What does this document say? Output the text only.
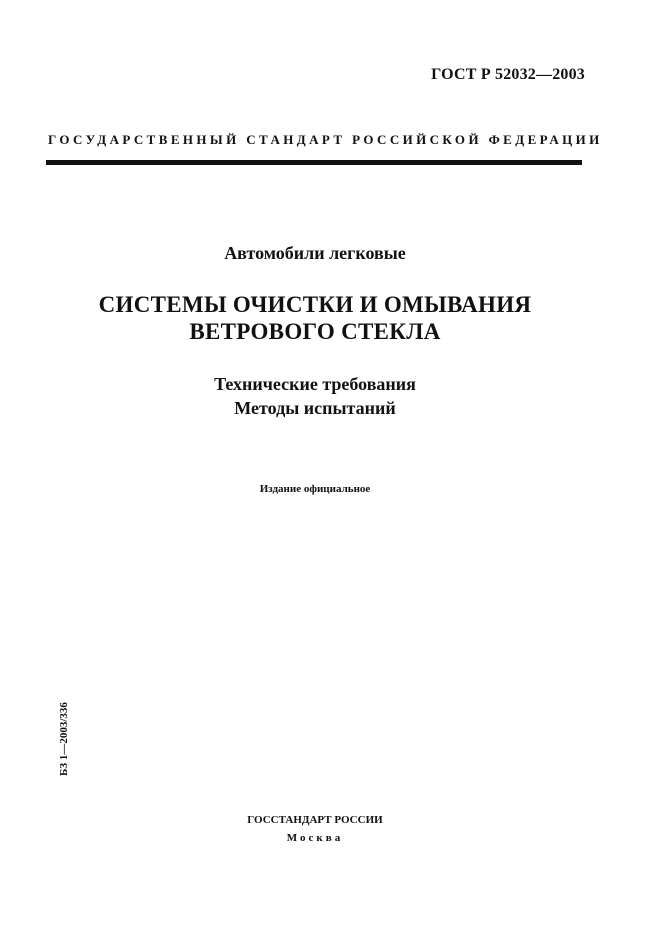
ГОСТ Р 52032—2003
ГОСУДАРСТВЕННЫЙ СТАНДАРТ РОССИЙСКОЙ ФЕДЕРАЦИИ
Автомобили легковые
СИСТЕМЫ ОЧИСТКИ И ОМЫВАНИЯ
ВЕТРОВОГО СТЕКЛА
Технические требования
Методы испытаний
Издание официальное
БЗ 1—2003/336
ГОССТАНДАРТ РОССИИ
Москва
